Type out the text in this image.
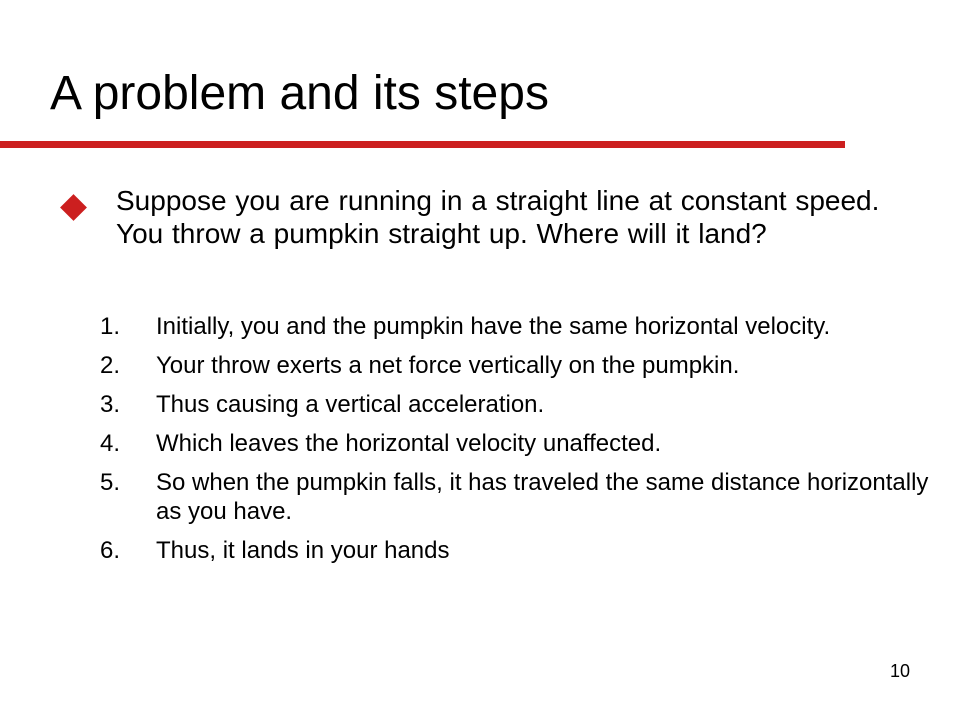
A problem and its steps
Suppose you are running in a straight line at constant speed. You throw a pumpkin straight up. Where will it land?
1.	Initially, you and the pumpkin have the same horizontal velocity.
2.	Your throw exerts a net force vertically on the pumpkin.
3.	Thus causing a vertical acceleration.
4.	Which leaves the horizontal velocity unaffected.
5.	So when the pumpkin falls, it has traveled the same distance horizontally as you have.
6.	Thus, it lands in your hands
10
